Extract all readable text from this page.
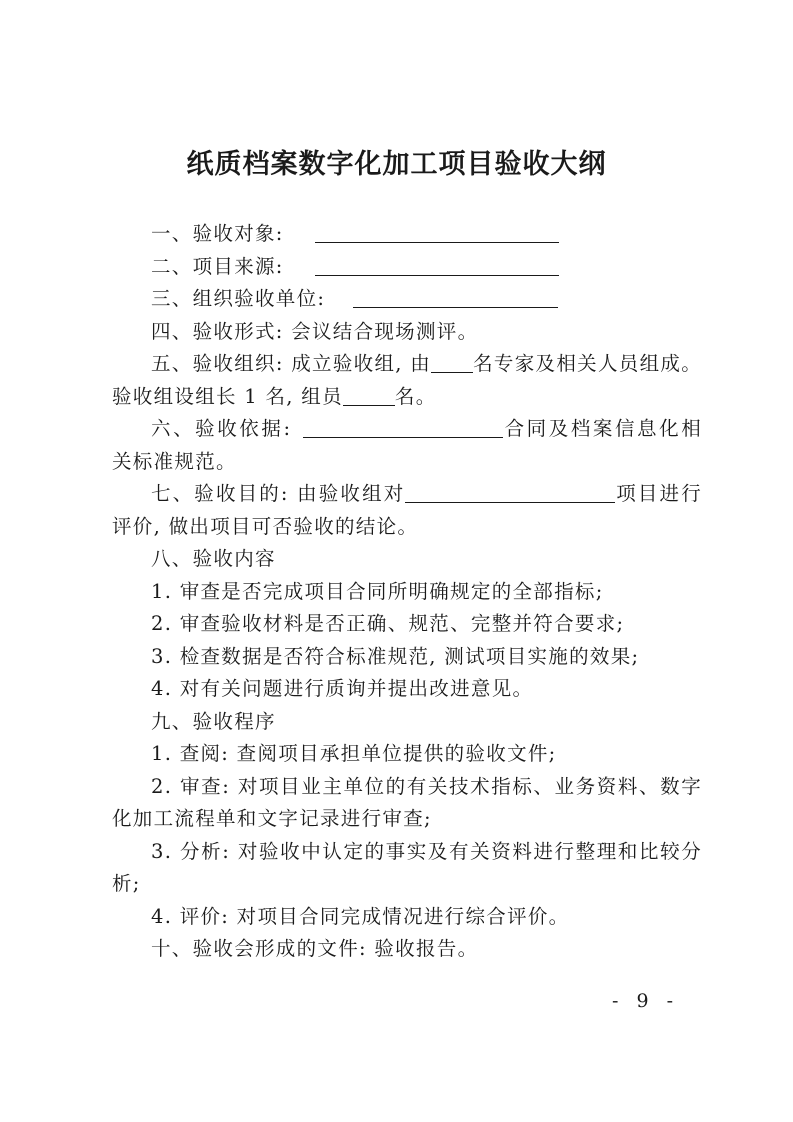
纸质档案数字化加工项目验收大纲

一、验收对象:

二、项目来源:

三、组织验收单位:

四、验收形式: 会议结合现场测评。

五、验收组织: 成立验收组, 由 名专家及相关人员组成。验收组设组长 1 名, 组员	名。

六、验收依据:	合同及档案信息化相关标准规范。

七、验收目的: 由验收组对	项目进行评价, 做出项目可否验收的结论。

八、验收内容

1. 审查是否完成项目合同所明确规定的全部指标;

2. 审查验收材料是否正确、规范、完整并符合要求;

3. 检查数据是否符合标准规范, 测试项目实施的效果;

4. 对有关问题进行质询并提出改进意见。

九、验收程序

1. 查阅: 查阅项目承担单位提供的验收文件;

2. 审查: 对项目业主单位的有关技术指标、业务资料、数字化加工流程单和文字记录进行审查;

3. 分析: 对验收中认定的事实及有关资料进行整理和比较分析;

4. 评价: 对项目合同完成情况进行综合评价。

十、验收会形成的文件: 验收报告。

- 9 -
